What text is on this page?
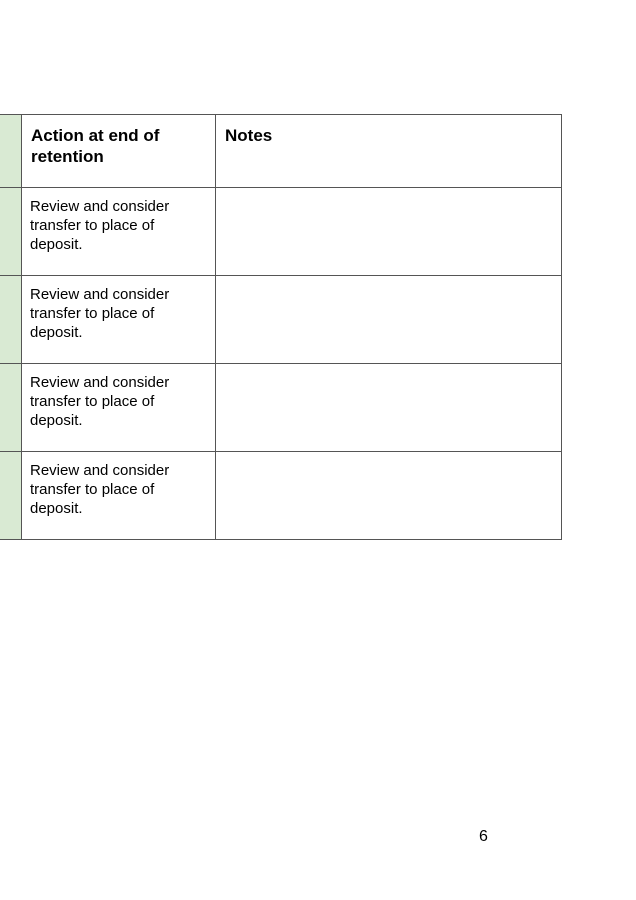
	Action at end of retention	Notes

	Review and consider transfer to place of deposit.	

	Review and consider transfer to place of deposit.	

	Review and consider transfer to place of deposit.	

	Review and consider transfer to place of deposit.	

6
